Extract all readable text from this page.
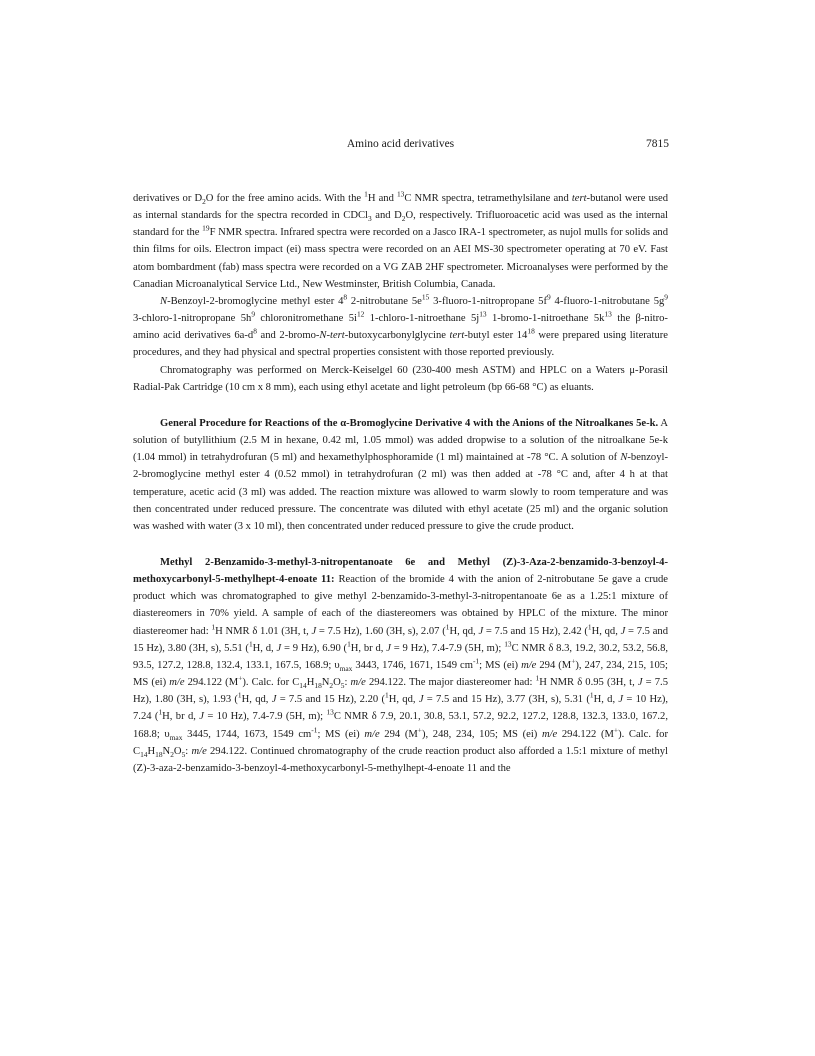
Amino acid derivatives	7815

derivatives or $D_2O$ for the free amino acids. With the $^1$H and $^{13}$C NMR spectra, tetramethylsilane and tert-butanol were used as internal standards for the spectra recorded in CDCl$_3$ and $D_2O$, respectively. Trifluoroacetic acid was used as the internal standard for the $^{19}$F NMR spectra. Infrared spectra were recorded on a Jasco IRA-1 spectrometer, as nujol mulls for solids and thin films for oils. Electron impact (ei) mass spectra were recorded on an AEI MS-30 spectrometer operating at 70 eV. Fast atom bombardment (fab) mass spectra were recorded on a VG ZAB 2HF spectrometer. Microanalyses were performed by the Canadian Microanalytical Service Ltd., New Westminster, British Columbia, Canada.

N-Benzoyl-2-bromoglycine methyl ester $4^8$ 2-nitrobutane $5e^{15}$ 3-fluoro-1-nitropropane $5f^9$ 4-fluoro-1-nitrobutane $5g^9$ 3-chloro-1-nitropropane $5h^9$ chloronitromethane $5i^{12}$ 1-chloro-1-nitroethane $5j^{13}$ 1-bromo-1-nitroethane $5k^{13}$ the β-nitro-amino acid derivatives $6a-d^8$ and 2-bromo-N-tert-butoxycarbonylglycine tert-butyl ester $14^{18}$ were prepared using literature procedures, and they had physical and spectral properties consistent with those reported previously.

Chromatography was performed on Merck-Keiselgel 60 (230-400 mesh ASTM) and HPLC on a Waters μ-Porasil Radial-Pak Cartridge (10 cm x 8 mm), each using ethyl acetate and light petroleum (bp 66-68 °C) as eluants.

General Procedure for Reactions of the α-Bromoglycine Derivative 4 with the Anions of the Nitroalkanes 5e-k. A solution of butyllithium (2.5 M in hexane, 0.42 ml, 1.05 mmol) was added dropwise to a solution of the nitroalkane 5e-k (1.04 mmol) in tetrahydrofuran (5 ml) and hexamethylphosphoramide (1 ml) maintained at -78 °C. A solution of N-benzoyl-2-bromoglycine methyl ester 4 (0.52 mmol) in tetrahydrofuran (2 ml) was then added at -78 °C and, after 4 h at that temperature, acetic acid (3 ml) was added. The reaction mixture was allowed to warm slowly to room temperature and was then concentrated under reduced pressure. The concentrate was diluted with ethyl acetate (25 ml) and the organic solution was washed with water (3 x 10 ml), then concentrated under reduced pressure to give the crude product.

Methyl 2-Benzamido-3-methyl-3-nitropentanoate 6e and Methyl (Z)-3-Aza-2-benzamido-3-benzoyl-4-methoxycarbonyl-5-methylhept-4-enoate 11: Reaction of the bromide 4 with the anion of 2-nitrobutane 5e gave a crude product which was chromatographed to give methyl 2-benzamido-3-methyl-3-nitropentanoate 6e as a 1.25:1 mixture of diastereomers in 70% yield. A sample of each of the diastereomers was obtained by HPLC of the mixture. The minor diastereomer had: $^1$H NMR δ 1.01 (3H, t, J = 7.5 Hz), 1.60 (3H, s), 2.07 ($^1$H, qd, J = 7.5 and 15 Hz), 2.42 ($^1$H, qd, J = 7.5 and 15 Hz), 3.80 (3H, s), 5.51 ($^1$H, d, J = 9 Hz), 6.90 ($^1$H, br d, J = 9 Hz), 7.4-7.9 (5H, m); $^{13}$C NMR δ 8.3, 19.2, 30.2, 53.2, 56.8, 93.5, 127.2, 128.8, 132.4, 133.1, 167.5, 168.9; $\upsilon_{max}$ 3443, 1746, 1671, 1549 $cm^{-1}$; MS (ei) m/e 294 (M+), 247, 234, 215, 105; MS (ei) m/e 294.122 (M+). Calc. for $C_{14}H_{18}N_2O_5$: m/e 294.122. The major diastereomer had: $^1$H NMR δ 0.95 (3H, t, J = 7.5 Hz), 1.80 (3H, s), 1.93 ($^1$H, qd, J = 7.5 and 15 Hz), 2.20 ($^1$H, qd, J = 7.5 and 15 Hz), 3.77 (3H, s), 5.31 ($^1$H, d, J = 10 Hz), 7.24 ($^1$H, br d, J = 10 Hz), 7.4-7.9 (5H, m); $^{13}$C NMR δ 7.9, 20.1, 30.8, 53.1, 57.2, 92.2, 127.2, 128.8, 132.3, 133.0, 167.2, 168.8; $\upsilon_{max}$ 3445, 1744, 1673, 1549 $cm^{-1}$; MS (ei) m/e 294 (M+), 248, 234, 105; MS (ei) m/e 294.122 (M+). Calc. for $C_{14}H_{18}N_2O_5$: m/e 294.122. Continued chromatography of the crude reaction product also afforded a 1.5:1 mixture of methyl (Z)-3-aza-2-benzamido-3-benzoyl-4-methoxycarbonyl-5-methylhept-4-enoate 11 and the
